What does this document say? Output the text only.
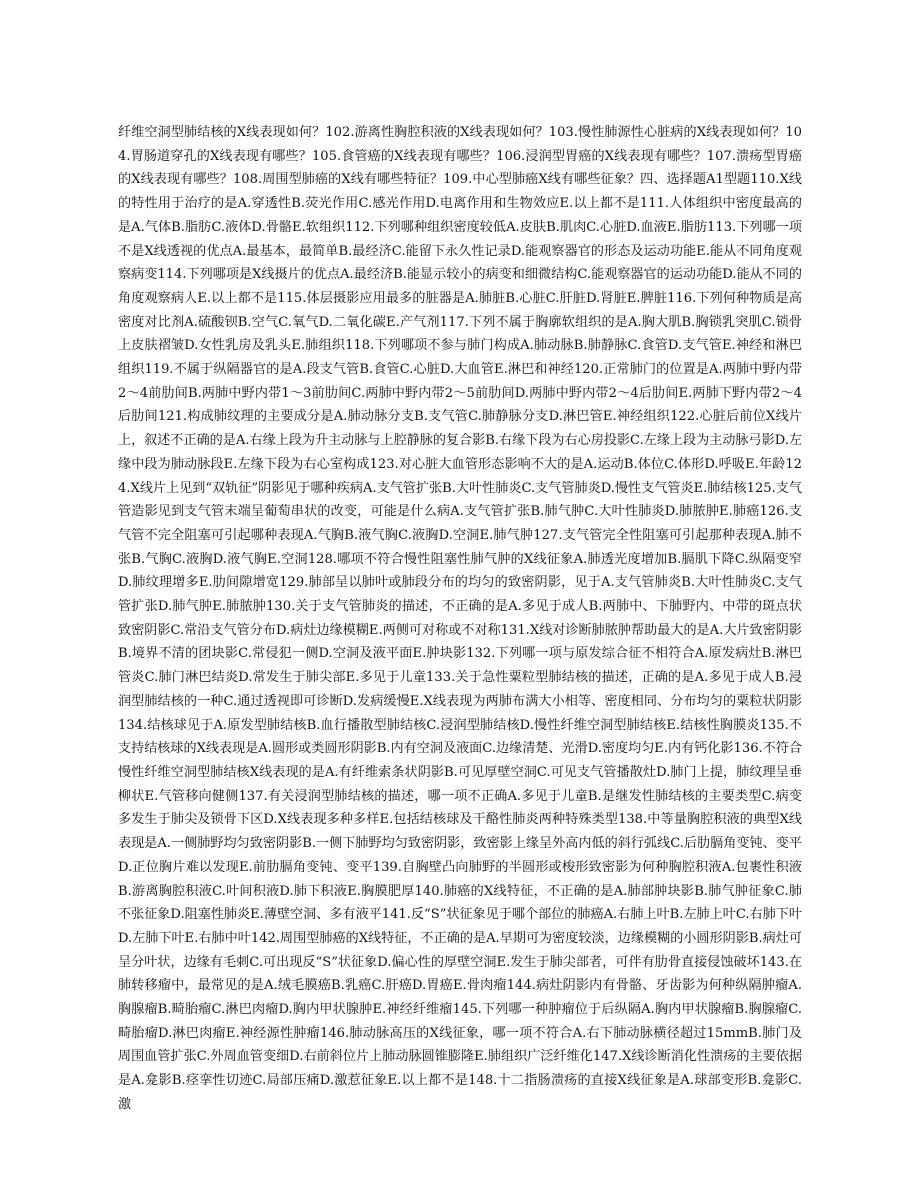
纤维空洞型肺结核的X线表现如何？102.游离性胸腔积液的X线表现如何？103.慢性肺源性心脏病的X线表现如何？104.胃肠道穿孔的X线表现有哪些？105.食管癌的X线表现有哪些？106.浸润型胃癌的X线表现有哪些？107.溃疡型胃癌的X线表现有哪些？108.周围型肺癌的X线有哪些特征？109.中心型肺癌X线有哪些征象？四、选择题A1型题110.X线的特性用于治疗的是A.穿透性B.荧光作用C.感光作用D.电离作用和生物效应E.以上都不是111.人体组织中密度最高的是A.气体B.脂肪C.液体D.骨骼E.软组织112.下列哪种组织密度较低A.皮肤B.肌肉C.心脏D.血液E.脂肪113.下列哪一项不是X线透视的优点A.最基本，最简单B.最经济C.能留下永久性记录D.能观察器官的形态及运动功能E.能从不同角度观察病变114.下列哪项是X线摄片的优点A.最经济B.能显示较小的病变和细微结构C.能观察器官的运动功能D.能从不同的角度观察病人E.以上都不是115.体层摄影应用最多的脏器是A.肺脏B.心脏C.肝脏D.肾脏E.脾脏116.下列何种物质是高密度对比剂A.硫酸钡B.空气C.氧气D.二氧化碳E.产气剂117.下列不属于胸廓软组织的是A.胸大肌B.胸锁乳突肌C.锁骨上皮肤褶皱D.女性乳房及乳头E.肺组织118.下列哪项不参与肺门构成A.肺动脉B.肺静脉C.食管D.支气管E.神经和淋巴组织119.不属于纵隔器官的是A.段支气管B.食管C.心脏D.大血管E.淋巴和神经120.正常肺门的位置是A.两肺中野内带2～4前肋间B.两肺中野内带1～3前肋间C.两肺中野内带2～5前肋间D.两肺中野内带2～4后肋间E.两肺下野内带2～4后肋间121.构成肺纹理的主要成分是A.肺动脉分支B.支气管C.肺静脉分支D.淋巴管E.神经组织122.心脏后前位X线片上，叙述不正确的是A.右缘上段为升主动脉与上腔静脉的复合影B.右缘下段为右心房投影C.左缘上段为主动脉弓影D.左缘中段为肺动脉段E.左缘下段为右心室构成123.对心脏大血管形态影响不大的是A.运动B.体位C.体形D.呼吸E.年龄124.X线片上见到“双轨征”阴影见于哪种疾病A.支气管扩张B.大叶性肺炎C.支气管肺炎D.慢性支气管炎E.肺结核125.支气管造影见到支气管末端呈葡萄串状的改变，可能是什么病A.支气管扩张B.肺气肿C.大叶性肺炎D.肺脓肿E.肺癌126.支气管不完全阻塞可引起哪种表现A.气胸B.液气胸C.液胸D.空洞E.肺气肿127.支气管完全性阻塞可引起那种表现A.肺不张B.气胸C.液胸D.液气胸E.空洞128.哪项不符合慢性阻塞性肺气肿的X线征象A.肺透光度增加B.膈肌下降C.纵隔变窄D.肺纹理增多E.肋间隙增宽129.肺部呈以肺叶或肺段分布的均匀的致密阴影，见于A.支气管肺炎B.大叶性肺炎C.支气管扩张D.肺气肿E.肺脓肿130.关于支气管肺炎的描述，不正确的是A.多见于成人B.两肺中、下肺野内、中带的斑点状致密阴影C.常沿支气管分布D.病灶边缘模糊E.两侧可对称或不对称131.X线对诊断肺脓肿帮助最大的是A.大片致密阴影B.境界不清的团块影C.常侵犯一侧D.空洞及液平面E.肿块影132.下列哪一项与原发综合征不相符合A.原发病灶B.淋巴管炎C.肺门淋巴结炎D.常发生于肺尖部E.多见于儿童133.关于急性粟粒型肺结核的描述，正确的是A.多见于成人B.浸润型肺结核的一种C.通过透视即可诊断D.发病缓慢E.X线表现为两肺布满大小相等、密度相同、分布均匀的粟粒状阴影134.结核球见于A.原发型肺结核B.血行播散型肺结核C.浸润型肺结核D.慢性纤维空洞型肺结核E.结核性胸膜炎135.不支持结核球的X线表现是A.圆形或类圆形阴影B.内有空洞及液面C.边缘清楚、光滑D.密度均匀E.内有钙化影136.不符合慢性纤维空洞型肺结核X线表现的是A.有纤维索条状阴影B.可见厚壁空洞C.可见支气管播散灶D.肺门上提，肺纹理呈垂柳状E.气管移向健侧137.有关浸润型肺结核的描述，哪一项不正确A.多见于儿童B.是继发性肺结核的主要类型C.病变多发生于肺尖及锁骨下区D.X线表现多种多样E.包括结核球及干酪性肺炎两种特殊类型138.中等量胸腔积液的典型X线表现是A.一侧肺野均匀致密阴影B.一侧下肺野均匀致密阴影，致密影上缘呈外高内低的斜行弧线C.后肋膈角变钝、变平D.正位胸片难以发现E.前肋膈角变钝、变平139.自胸壁凸向肺野的半圆形或梭形致密影为何种胸腔积液A.包裹性积液B.游离胸腔积液C.叶间积液D.肺下积液E.胸膜肥厚140.肺癌的X线特征，不正确的是A.肺部肿块影B.肺气肿征象C.肺不张征象D.阻塞性肺炎E.薄壁空洞、多有液平141.反“S”状征象见于哪个部位的肺癌A.右肺上叶B.左肺上叶C.右肺下叶D.左肺下叶E.右肺中叶142.周围型肺癌的X线特征，不正确的是A.早期可为密度较淡，边缘模糊的小圆形阴影B.病灶可呈分叶状，边缘有毛刺C.可出现反“S”状征象D.偏心性的厚壁空洞E.发生于肺尖部者，可伴有肋骨直接侵蚀破坏143.在肺转移瘤中，最常见的是A.绒毛膜癌B.乳癌C.肝癌D.胃癌E.骨肉瘤144.病灶阴影内有骨骼、牙齿影为何种纵隔肿瘤A.胸腺瘤B.畸胎瘤C.淋巴肉瘤D.胸内甲状腺肿E.神经纤维瘤145.下列哪一种肿瘤位于后纵隔A.胸内甲状腺瘤B.胸腺瘤C.畸胎瘤D.淋巴肉瘤E.神经源性肿瘤146.肺动脉高压的X线征象，哪一项不符合A.右下肺动脉横径超过15mmB.肺门及周围血管扩张C.外周血管变细D.右前斜位片上肺动脉圆锥膨隆E.肺组织广泛纤维化147.X线诊断消化性溃疡的主要依据是A.龛影B.痉挛性切迹C.局部压痛D.激惹征象E.以上都不是148.十二指肠溃疡的直接X线征象是A.球部变形B.龛影C.激
